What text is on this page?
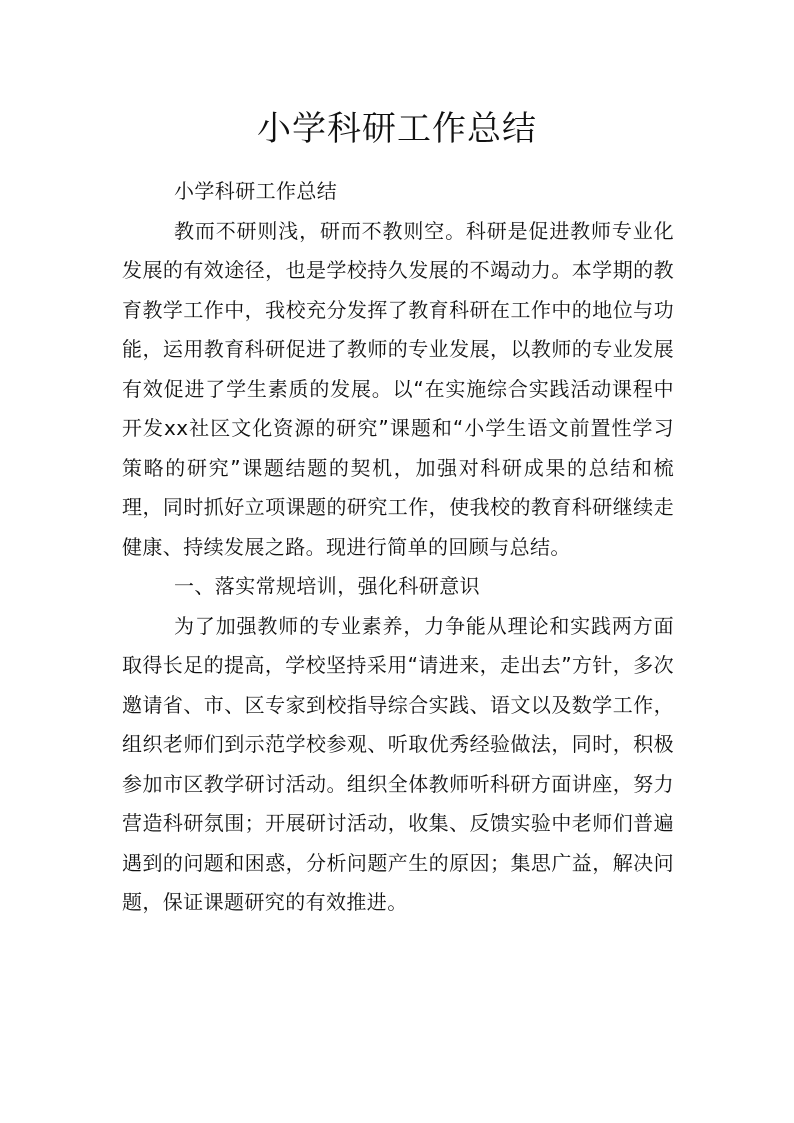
小学科研工作总结

小学科研工作总结

教而不研则浅，研而不教则空。科研是促进教师专业化发展的有效途径，也是学校持久发展的不竭动力。本学期的教育教学工作中，我校充分发挥了教育科研在工作中的地位与功能，运用教育科研促进了教师的专业发展，以教师的专业发展有效促进了学生素质的发展。以“在实施综合实践活动课程中开发xx社区文化资源的研究”课题和“小学生语文前置性学习策略的研究”课题结题的契机，加强对科研成果的总结和梳理，同时抓好立项课题的研究工作，使我校的教育科研继续走健康、持续发展之路。现进行简单的回顾与总结。

一、落实常规培训，强化科研意识

为了加强教师的专业素养，力争能从理论和实践两方面取得长足的提高，学校坚持采用“请进来，走出去”方针，多次邀请省、市、区专家到校指导综合实践、语文以及数学工作，组织老师们到示范学校参观、听取优秀经验做法，同时，积极参加市区教学研讨活动。组织全体教师听科研方面讲座，努力营造科研氛围；开展研讨活动，收集、反馈实验中老师们普遍遇到的问题和困惑，分析问题产生的原因；集思广益，解决问题，保证课题研究的有效推进。
